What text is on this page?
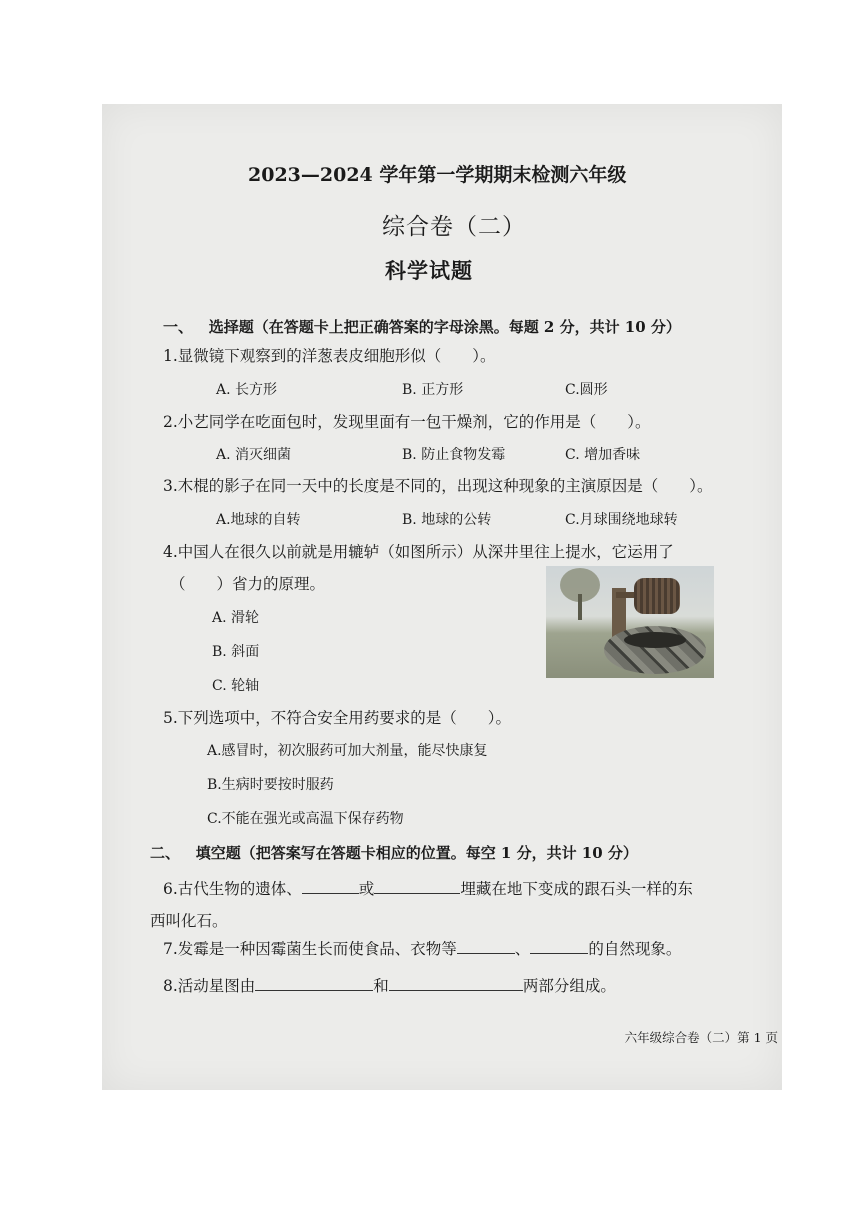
2023—2024 学年第一学期期末检测六年级
综合卷（二）
科学试题
一、 选择题（在答题卡上把正确答案的字母涂黑。每题 2 分，共计 10 分）
1.显微镜下观察到的洋葱表皮细胞形似（　　）。
A. 长方形	B. 正方形	C.圆形
2.小艺同学在吃面包时，发现里面有一包干燥剂，它的作用是（　　）。
A. 消灭细菌	B. 防止食物发霉	C. 增加香味
3.木棍的影子在同一天中的长度是不同的，出现这种现象的主演原因是（　　）。
A.地球的自转	B. 地球的公转	C.月球围绕地球转
4.中国人在很久以前就是用辘轳（如图所示）从深井里往上提水，它运用了
（　　）省力的原理。
A. 滑轮
B. 斜面
C. 轮轴
5.下列选项中，不符合安全用药要求的是（　　）。
A.感冒时，初次服药可加大剂量，能尽快康复
B.生病时要按时服药
C.不能在强光或高温下保存药物
二、 填空题（把答案写在答题卡相应的位置。每空 1 分，共计 10 分）
6.古代生物的遗体、	或	埋藏在地下变成的跟石头一样的东
西叫化石。
7.发霉是一种因霉菌生长而使食品、衣物等	、	的自然现象。
8.活动星图由	和	两部分组成。
六年级综合卷（二）第 1 页
